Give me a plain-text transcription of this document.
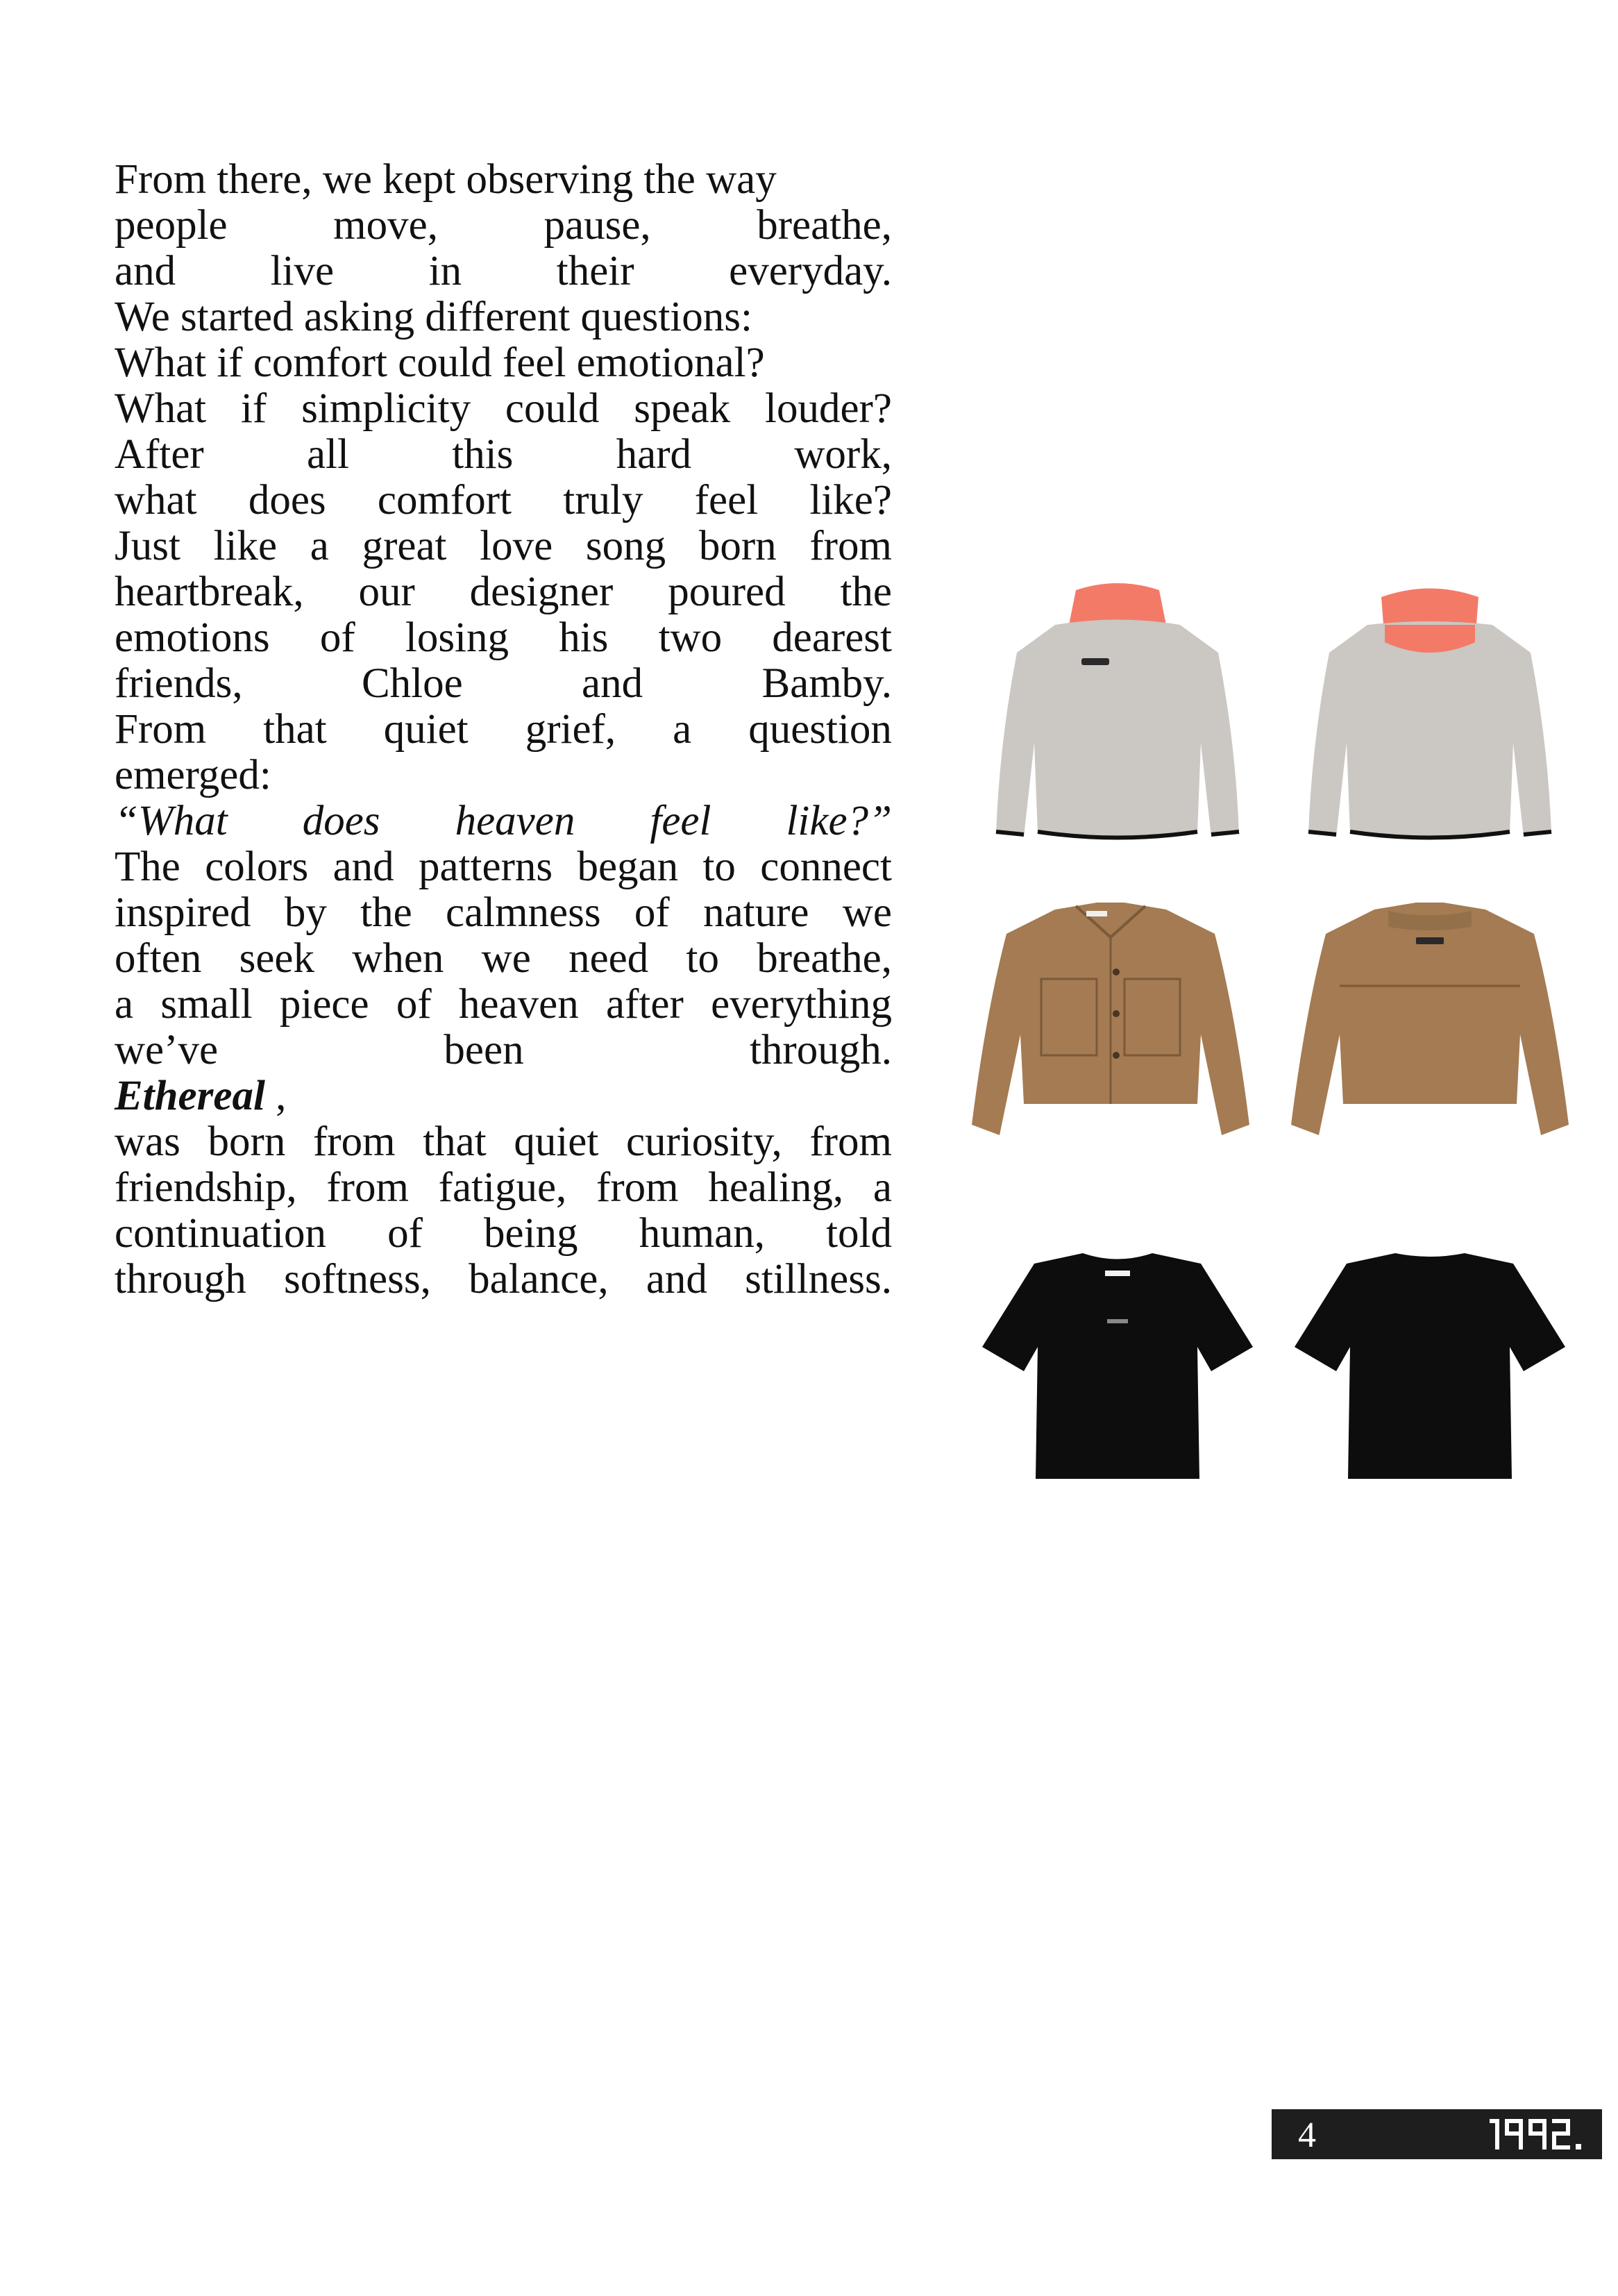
From there, we kept observing the way
people	move,	pause,	breathe,
and live in their everyday.
We started asking different questions:
What if comfort could feel emotional?
What if simplicity could speak louder?
After all this hard work,
what does comfort truly feel like?
Just like a great love song born from
heartbreak, our designer poured the
emotions of losing his two dearest
friends,	Chloe	and	Bamby.
From that quiet grief, a question
emerged:
“What does heaven feel like?”
The colors and patterns began to connect
inspired by the calmness of nature we
often seek when we need to breathe,
a small piece of heaven after everything
we’ve	been	through.
Ethereal ,
was born from that quiet curiosity, from
friendship, from fatigue, from healing, a
continuation of being human, told
through softness, balance, and stillness.
4
